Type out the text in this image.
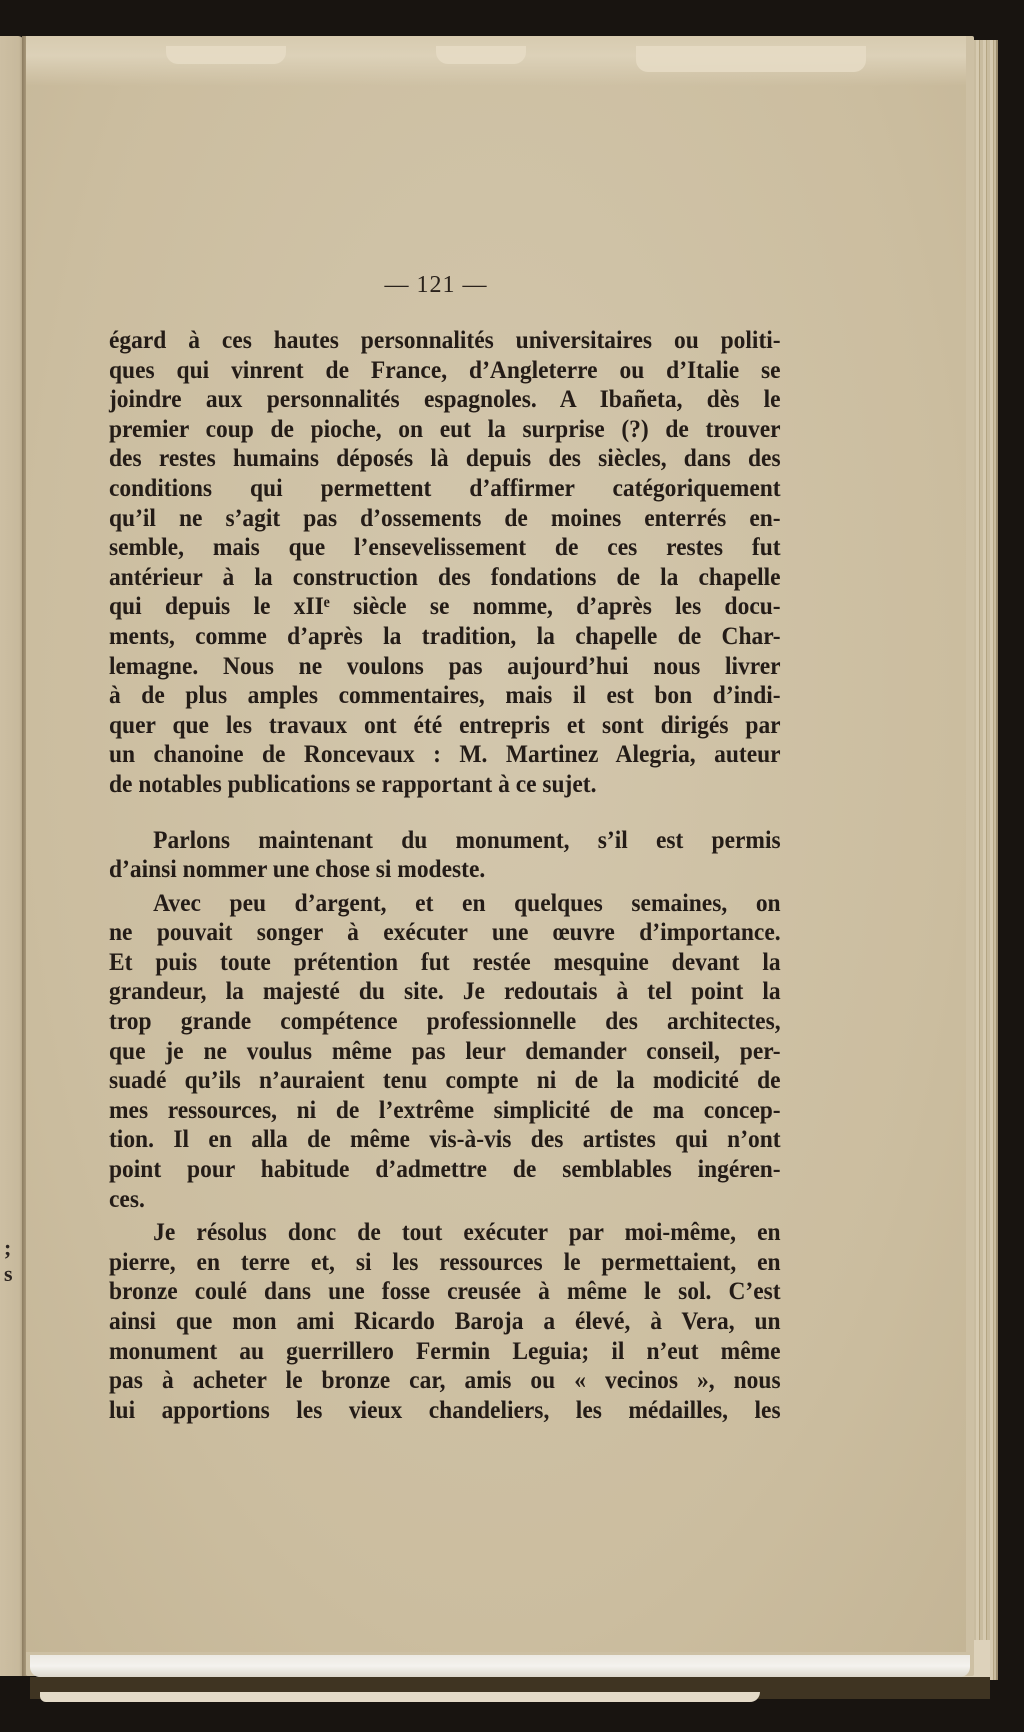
;
s
— 121 —
égard à ces hautes personnalités universitaires ou politi-
ques qui vinrent de France, d’Angleterre ou d’Italie se
joindre aux personnalités espagnoles. A Ibañeta, dès le
premier coup de pioche, on eut la surprise (?) de trouver
des restes humains déposés là depuis des siècles, dans des
conditions qui permettent d’affirmer catégoriquement
qu’il ne s’agit pas d’ossements de moines enterrés en-
semble, mais que l’ensevelissement de ces restes fut
antérieur à la construction des fondations de la chapelle
qui depuis le xIIᵉ siècle se nomme, d’après les docu-
ments, comme d’après la tradition, la chapelle de Char-
lemagne. Nous ne voulons pas aujourd’hui nous livrer
à de plus amples commentaires, mais il est bon d’indi-
quer que les travaux ont été entrepris et sont dirigés par
un chanoine de Roncevaux : M. Martinez Alegria, auteur
de notables publications se rapportant à ce sujet.
Parlons maintenant du monument, s’il est permis
d’ainsi nommer une chose si modeste.
Avec peu d’argent, et en quelques semaines, on
ne pouvait songer à exécuter une œuvre d’importance.
Et puis toute prétention fut restée mesquine devant la
grandeur, la majesté du site. Je redoutais à tel point la
trop grande compétence professionnelle des architectes,
que je ne voulus même pas leur demander conseil, per-
suadé qu’ils n’auraient tenu compte ni de la modicité de
mes ressources, ni de l’extrême simplicité de ma concep-
tion. Il en alla de même vis-à-vis des artistes qui n’ont
point pour habitude d’admettre de semblables ingéren-
ces.
Je résolus donc de tout exécuter par moi-même, en
pierre, en terre et, si les ressources le permettaient, en
bronze coulé dans une fosse creusée à même le sol. C’est
ainsi que mon ami Ricardo Baroja a élevé, à Vera, un
monument au guerrillero Fermin Leguia; il n’eut même
pas à acheter le bronze car, amis ou « vecinos », nous
lui apportions les vieux chandeliers, les médailles, les
